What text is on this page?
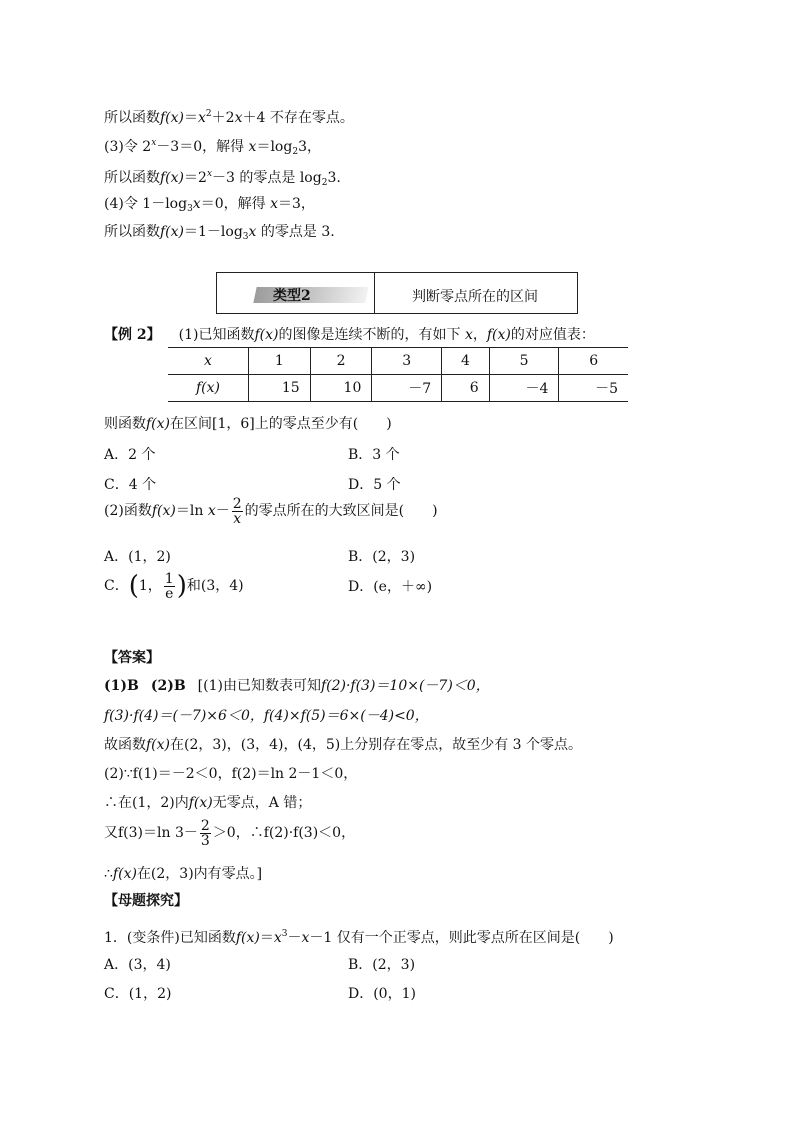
所以函数$f(x)=x^2+2x+4$ 不存在零点。
(3)令 $2^x-3=0$，解得 $x=\log_23$，
所以函数$f(x)=2^x-3$ 的零点是 $\log_23$.
(4)令 $1-\log_3x=0$，解得 x＝3，
所以函数$f(x)=1-\log_3x$ 的零点是 3.
类型2	判断零点所在的区间
【例 2】 (1)已知函数f(x)的图像是连续不断的，有如下 x，f(x)的对应值表：
x	1	2	3	4	5	6
f(x)	15	10	－7	6	－4	－5
则函数f(x)在区间[1，6]上的零点至少有(　　)
A．2 个	B．3 个
C．4 个	D．5 个
(2)函数f(x)＝ln $x- \frac{2}{x}$ 的零点所在的大致区间是(　　)
A．(1，2)	B．(2，3)
C．(1， $\frac{1}{e}$ )和(3，4)	D．(e，＋∞)
【答案】
(1)B (2)B [(1)由已知数表可知f(2)·f(3)＝10×(－7)＜0，
f(3)·f(4)＝(－7)×6＜0，f(4)×f(5)＝6×(－4)<0，
故函数f(x)在(2，3)，(3，4)，(4，5)上分别存在零点，故至少有 3 个零点。
(2)∵f(1)＝－2＜0，f(2)＝ln 2－1＜0，
∴在(1，2)内f(x)无零点，A 错；
又f(3)＝ln $3- \frac{2}{3} >0$，∴f(2)·f(3)＜0，
∴f(x)在(2，3)内有零点。]
【母题探究】
1．(变条件)已知函数$f(x)=x^3-x-1$ 仅有一个正零点，则此零点所在区间是(　　)
A．(3，4)	B．(2，3)
C．(1，2)	D．(0，1)
